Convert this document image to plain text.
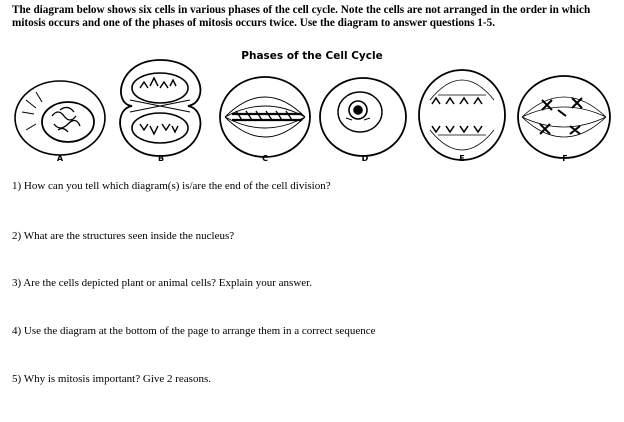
The diagram below shows six cells in various phases of the cell cycle. Note the cells are not arranged in the order in which mitosis occurs and one of the phases of mitosis occurs twice. Use the diagram to answer questions 1-5.

Phases of the Cell Cycle
A	B	C	D	E	F

1) How can you tell which diagram(s) is/are the end of the cell division?

2) What are the structures seen inside the nucleus?

3) Are the cells depicted plant or animal cells? Explain your answer.

4) Use the diagram at the bottom of the page to arrange them in a correct sequence

5) Why is mitosis important? Give 2 reasons.
